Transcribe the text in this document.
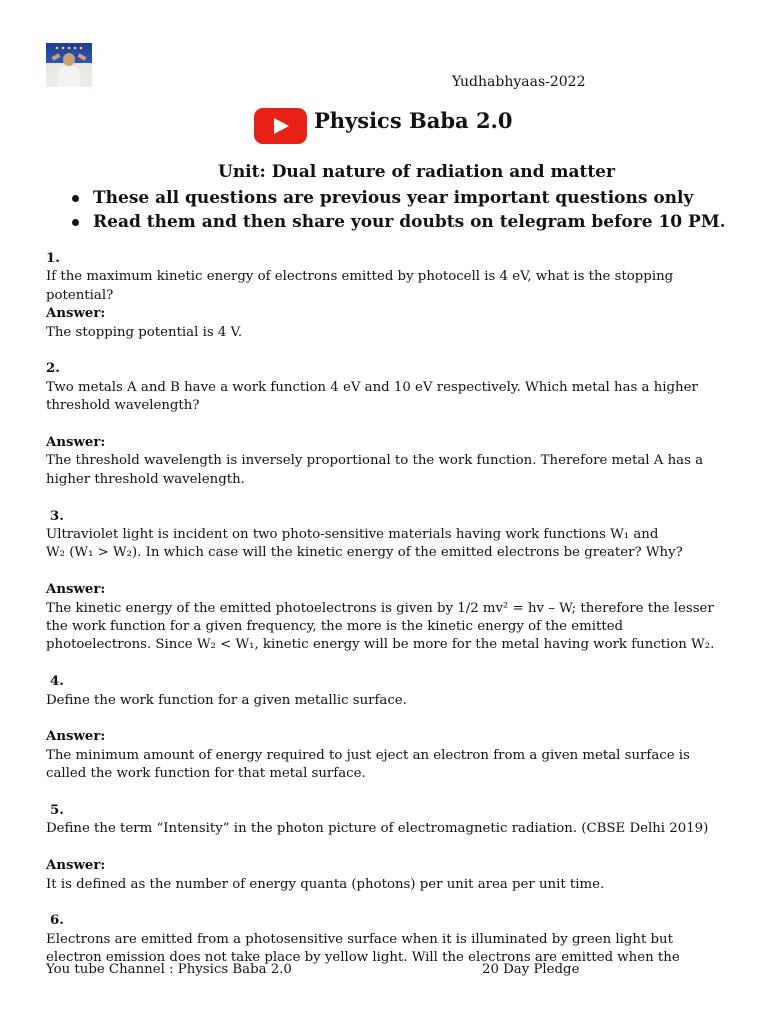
Yudhabhyaas-2022
Physics Baba 2.0
Unit: Dual nature of radiation and matter
These all questions are previous year important questions only
Read them and then share your doubts on telegram before 10 PM.

1.

If the maximum kinetic energy of electrons emitted by photocell is 4 eV, what is the stopping potential?

Answer:

The stopping potential is 4 V.

2.

Two metals A and B have a work function 4 eV and 10 eV respectively. Which metal has a higher threshold wavelength?

Answer:

The threshold wavelength is inversely proportional to the work function. Therefore metal A has a higher threshold wavelength.

3.

Ultraviolet light is incident on two photo-sensitive materials having work functions W₁ and

W₂ (W₁ > W₂). In which case will the kinetic energy of the emitted electrons be greater? Why?

Answer:

The kinetic energy of the emitted photoelectrons is given by 1/2 mv² = hv – W; therefore the lesser the work function for a given frequency, the more is the kinetic energy of the emitted photoelectrons. Since W₂ < W₁, kinetic energy will be more for the metal having work function W₂.

4.

Define the work function for a given metallic surface.

Answer:

The minimum amount of energy required to just eject an electron from a given metal surface is called the work function for that metal surface.

5.

Define the term “Intensity” in the photon picture of electromagnetic radiation. (CBSE Delhi 2019)

Answer:

It is defined as the number of energy quanta (photons) per unit area per unit time.

6.

Electrons are emitted from a photosensitive surface when it is illuminated by green light but electron emission does not take place by yellow light. Will the electrons are emitted when the

You tube Channel : Physics Baba 2.0	20 Day Pledge
